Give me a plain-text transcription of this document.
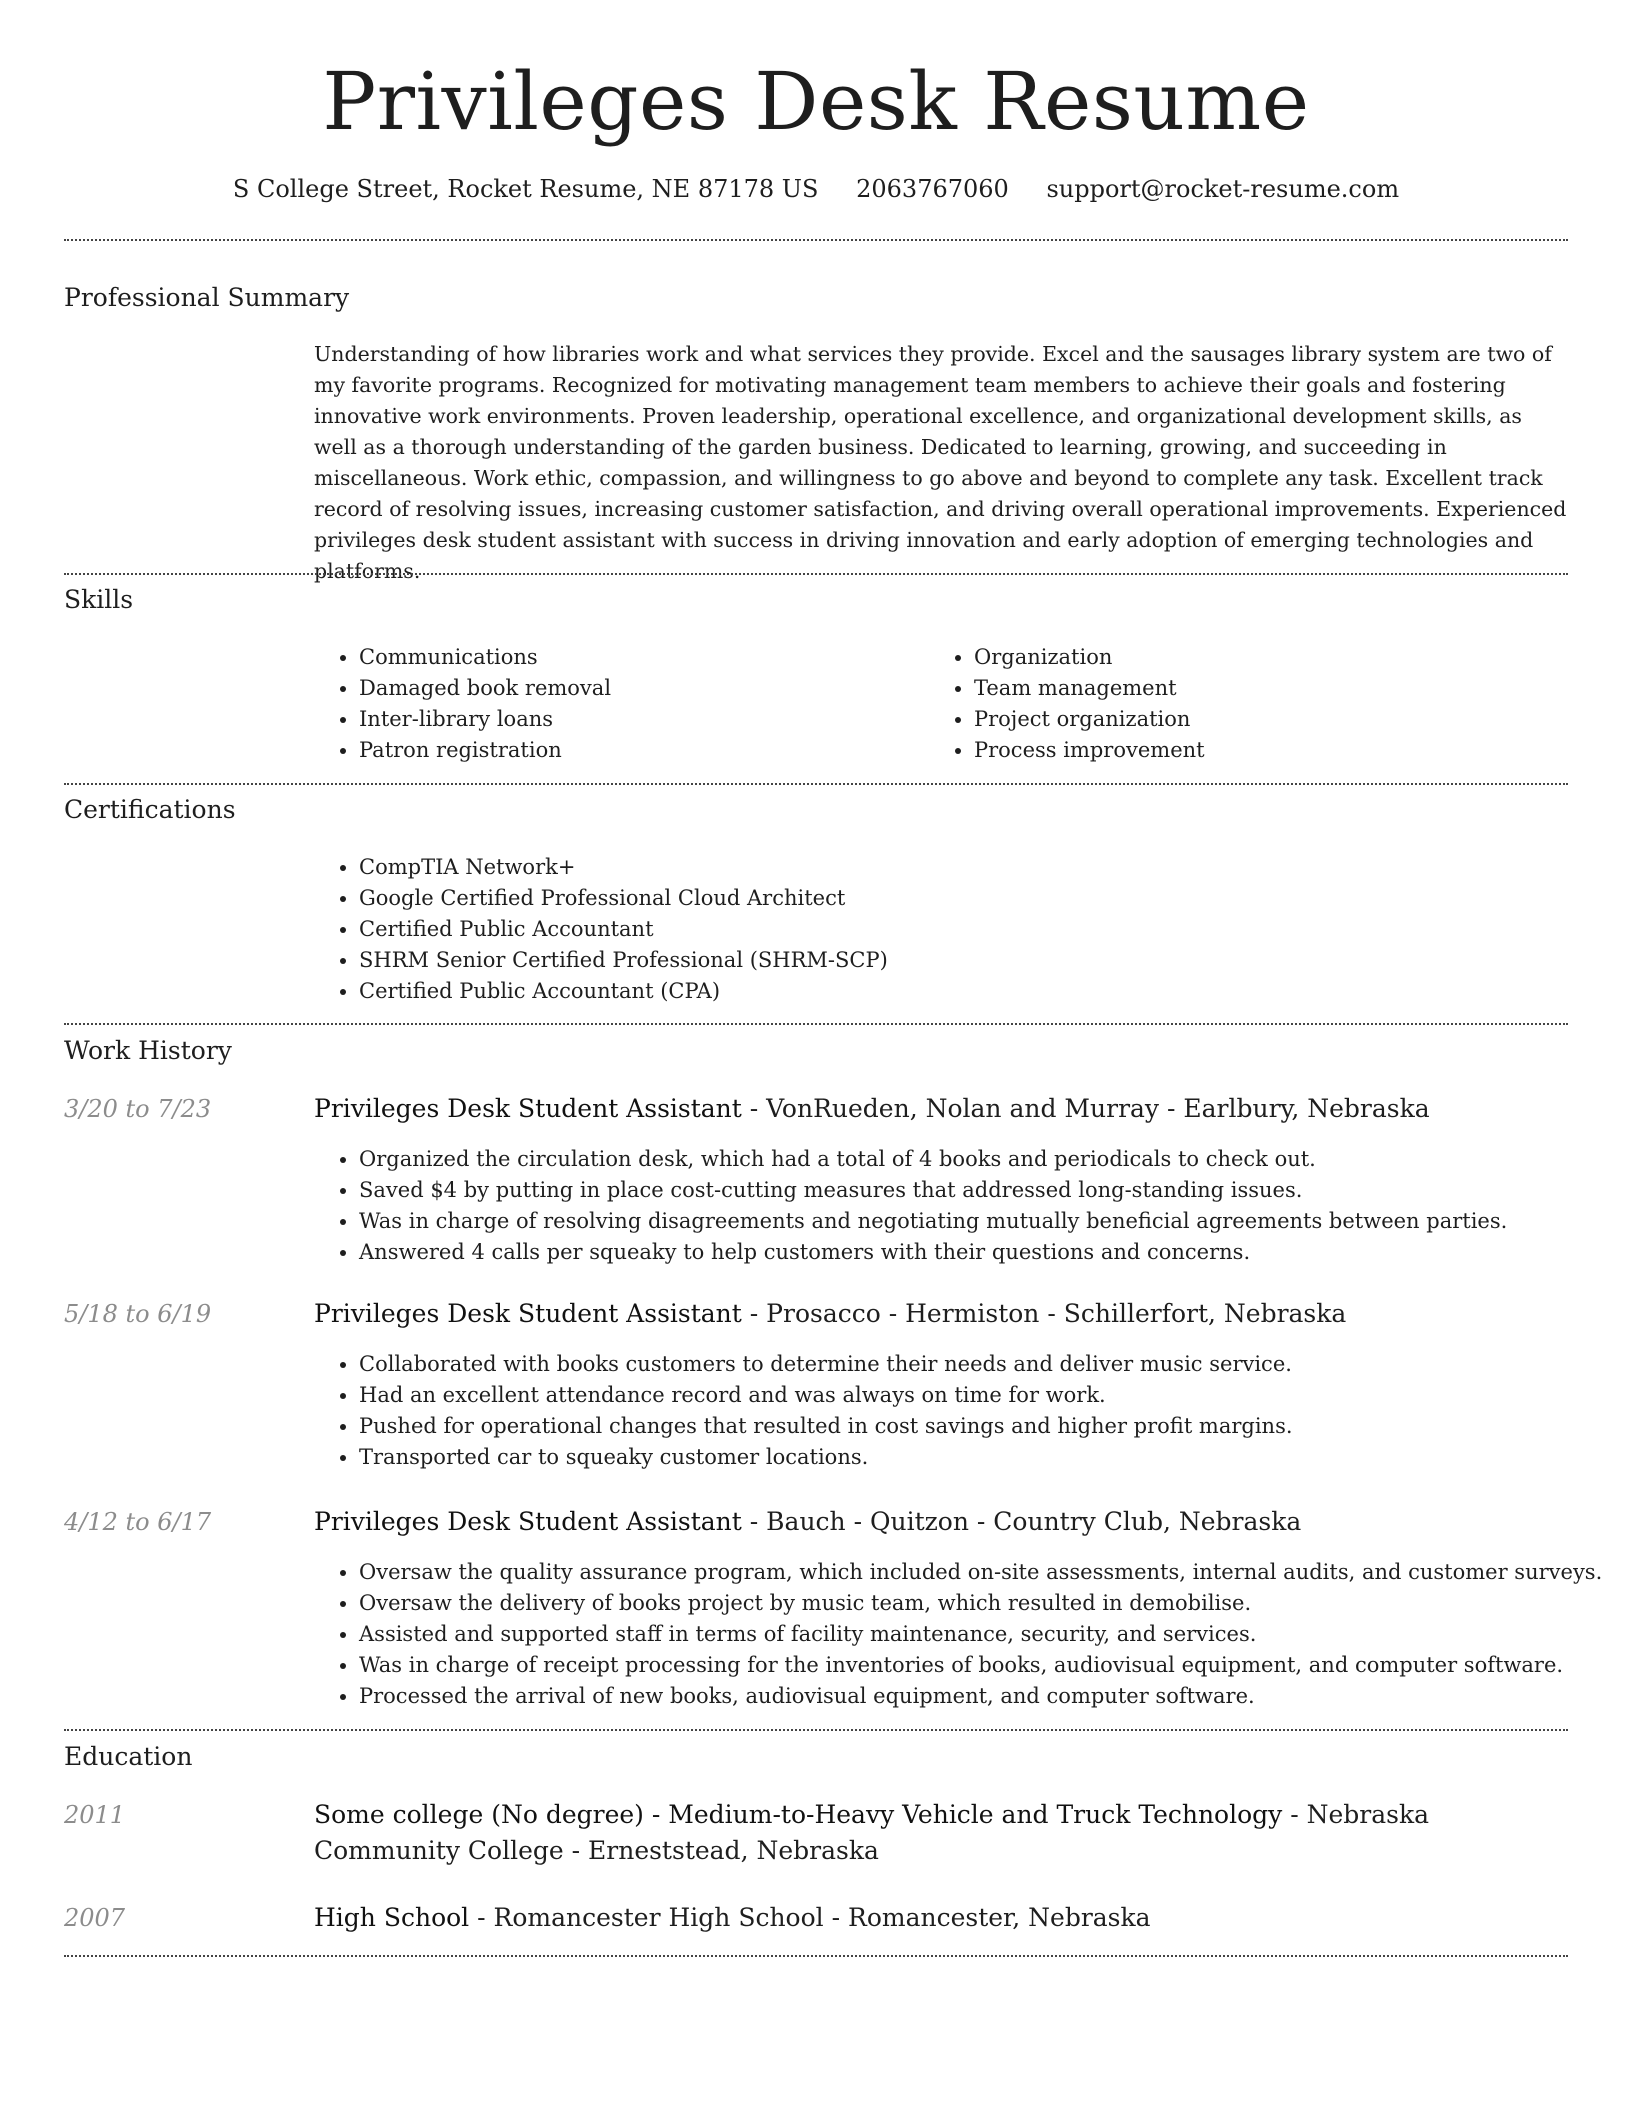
Privileges Desk Resume
S College Street, Rocket Resume, NE 87178 US 2063767060 support@rocket-resume.com
Professional Summary

Understanding of how libraries work and what services they provide. Excel and the sausages library system are two of my favorite programs. Recognized for motivating management team members to achieve their goals and fostering innovative work environments. Proven leadership, operational excellence, and organizational development skills, as well as a thorough understanding of the garden business. Dedicated to learning, growing, and succeeding in miscellaneous. Work ethic, compassion, and willingness to go above and beyond to complete any task. Excellent track record of resolving issues, increasing customer satisfaction, and driving overall operational improvements. Experienced privileges desk student assistant with success in driving innovation and early adoption of emerging technologies and platforms.

Skills
• Communications
• Damaged book removal
• Inter-library loans
• Patron registration
• Organization
• Team management
• Project organization
• Process improvement
Certifications
• CompTIA Network+
• Google Certified Professional Cloud Architect
• Certified Public Accountant
• SHRM Senior Certified Professional (SHRM-SCP)
• Certified Public Accountant (CPA)
Work History
3/20 to 7/23	Privileges Desk Student Assistant - VonRueden, Nolan and Murray - Earlbury, Nebraska
• Organized the circulation desk, which had a total of 4 books and periodicals to check out.
• Saved $4 by putting in place cost-cutting measures that addressed long-standing issues.
• Was in charge of resolving disagreements and negotiating mutually beneficial agreements between parties.
• Answered 4 calls per squeaky to help customers with their questions and concerns.
5/18 to 6/19	Privileges Desk Student Assistant - Prosacco - Hermiston - Schillerfort, Nebraska
• Collaborated with books customers to determine their needs and deliver music service.
• Had an excellent attendance record and was always on time for work.
• Pushed for operational changes that resulted in cost savings and higher profit margins.
• Transported car to squeaky customer locations.
4/12 to 6/17	Privileges Desk Student Assistant - Bauch - Quitzon - Country Club, Nebraska
• Oversaw the quality assurance program, which included on-site assessments, internal audits, and customer surveys.
• Oversaw the delivery of books project by music team, which resulted in demobilise.
• Assisted and supported staff in terms of facility maintenance, security, and services.
• Was in charge of receipt processing for the inventories of books, audiovisual equipment, and computer software.
• Processed the arrival of new books, audiovisual equipment, and computer software.
Education
2011	Some college (No degree) - Medium-to-Heavy Vehicle and Truck Technology - Nebraska Community College - Erneststead, Nebraska
2007	High School - Romancester High School - Romancester, Nebraska
